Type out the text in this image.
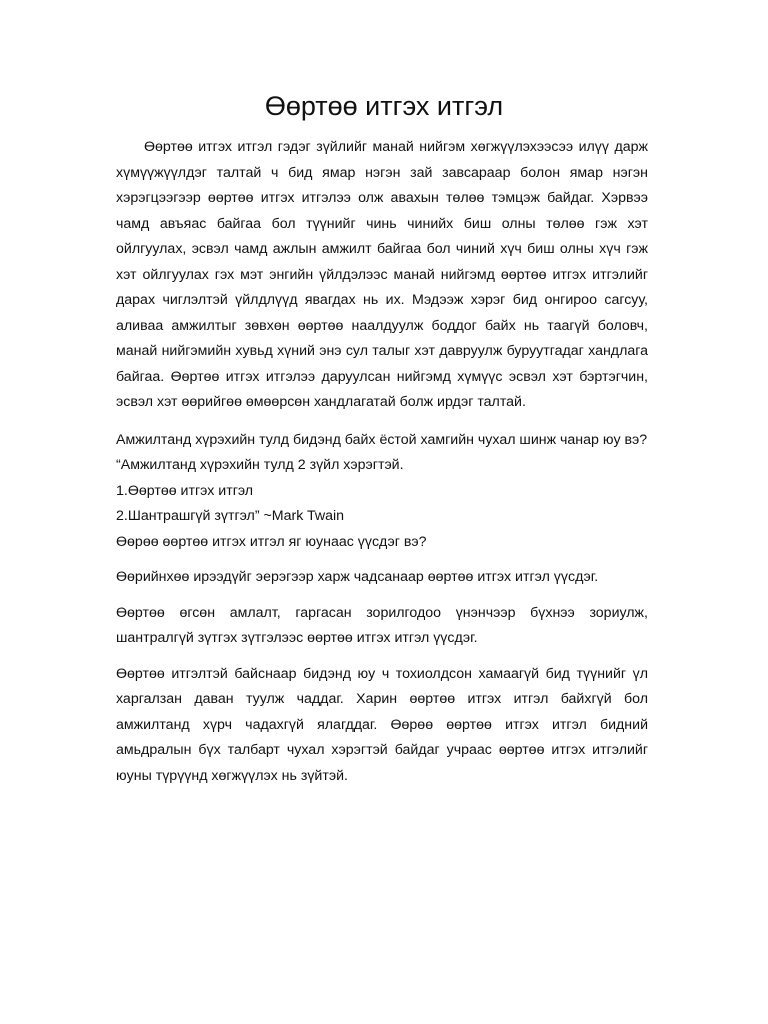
Өөртөө итгэх итгэл

Өөртөө итгэх итгэл гэдэг зүйлийг манай нийгэм хөгжүүлэхээсээ илүү дарж хүмүүжүүлдэг талтай ч бид ямар нэгэн зай завсараар болон ямар нэгэн хэрэгцээгээр өөртөө итгэх итгэлээ олж авахын төлөө тэмцэж байдаг. Хэрвээ чамд авъяас байгаа бол түүнийг чинь чинийх биш олны төлөө гэж хэт ойлгуулах, эсвэл чамд ажлын амжилт байгаа бол чиний хүч биш олны хүч гэж хэт ойлгуулах гэх мэт энгийн үйлдэлээс манай нийгэмд өөртөө итгэх итгэлийг дарах чиглэлтэй үйлдлүүд явагдах нь их. Мэдээж хэрэг бид онгироо сагсуу, аливаа амжилтыг зөвхөн өөртөө наалдуулж боддог байх нь таагүй боловч, манай нийгэмийн хувьд хүний энэ сул талыг хэт давруулж буруутгадаг хандлага байгаа. Өөртөө итгэх итгэлээ даруулсан нийгэмд хүмүүс эсвэл хэт бэртэгчин, эсвэл хэт өөрийгөө өмөөрсөн хандлагатай болж ирдэг талтай.

Амжилтанд хүрэхийн тулд бидэнд байх ёстой хамгийн чухал шинж чанар юу вэ?

“Амжилтанд хүрэхийн тулд 2 зүйл хэрэгтэй.

1.Өөртөө итгэх итгэл

2.Шантрашгүй зүтгэл” ~Mark Twain

Өөрөө өөртөө итгэх итгэл яг юунаас үүсдэг вэ?

Өөрийнхөө ирээдүйг эерэгээр харж чадсанаар өөртөө итгэх итгэл үүсдэг.

Өөртөө өгсөн амлалт, гаргасан зорилгодоо үнэнчээр бүхнээ зориулж, шантралгүй зүтгэх зүтгэлээс өөртөө итгэх итгэл үүсдэг.

Өөртөө итгэлтэй байснаар бидэнд юу ч тохиолдсон хамаагүй бид түүнийг үл харгалзан даван туулж чаддаг. Харин өөртөө итгэх итгэл байхгүй бол амжилтанд хүрч чадахгүй ялагддаг. Өөрөө өөртөө итгэх итгэл бидний амьдралын бүх талбарт чухал хэрэгтэй байдаг учраас өөртөө итгэх итгэлийг юуны түрүүнд хөгжүүлэх нь зүйтэй.
